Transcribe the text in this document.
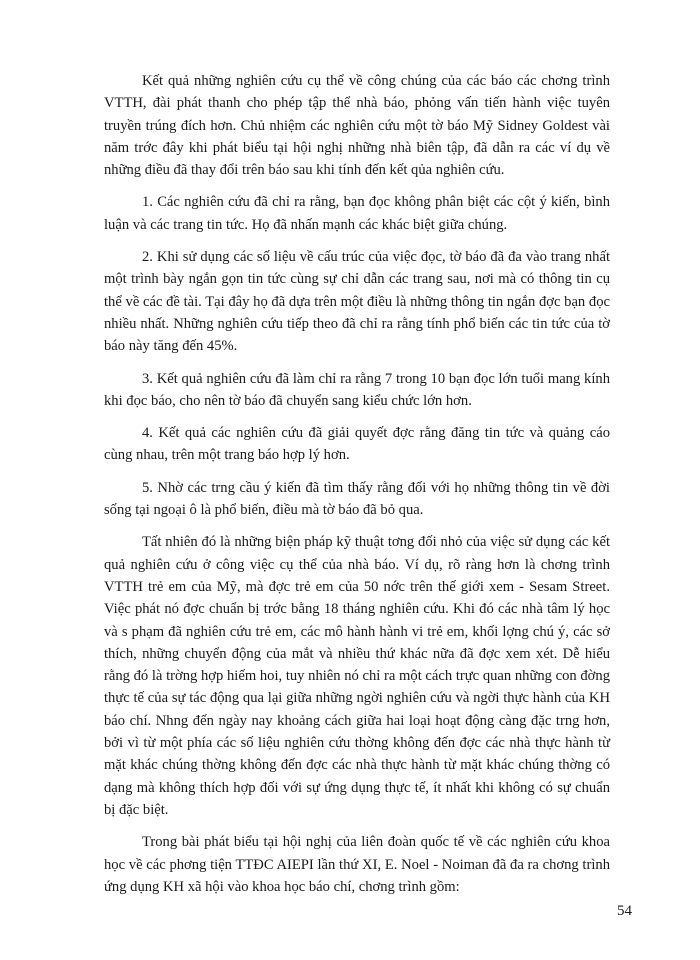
Kết quả những nghiên cứu cụ thể về công chúng của các báo các chơng trình VTTH, đài phát thanh cho phép tập thể nhà báo, phỏng vấn tiến hành việc tuyên truyền trúng đích hơn. Chủ nhiệm các nghiên cứu một tờ báo Mỹ Sidney Goldest vài năm trớc đây khi phát biểu tại hội nghị những nhà biên tập, đã dẫn ra các ví dụ về những điều đã thay đổi trên báo sau khi tính đến kết qủa nghiên cứu.

1. Các nghiên cứu đã chỉ ra rằng, bạn đọc không phân biệt các cột ý kiến, bình luận và các trang tin tức. Họ đã nhấn mạnh các khác biệt giữa chúng.

2. Khi sử dụng các số liệu về cấu trúc của việc đọc, tờ báo đã đa vào trang nhất một trình bày ngắn gọn tin tức cùng sự chỉ dẫn các trang sau, nơi mà có thông tin cụ thể về các đề tài. Tại đây họ đã dựa trên một điều là những thông tin ngắn đợc bạn đọc nhiều nhất. Những nghiên cứu tiếp theo đã chỉ ra rằng tính phổ biến các tin tức của tờ báo này tăng đến 45%.

3. Kết quả nghiên cứu đã làm chỉ ra rằng 7 trong 10 bạn đọc lớn tuổi mang kính khi đọc báo, cho nên tờ báo đã chuyển sang kiểu chức lớn hơn.

4. Kết quả các nghiên cứu đã giải quyết đợc rằng đăng tin tức và quảng cáo cùng nhau, trên một trang báo hợp lý hơn.

5. Nhờ các trng cầu ý kiến đã tìm thấy rằng đối với họ những thông tin về đời sống tại ngoại ô là phổ biến, điều mà tờ báo đã bỏ qua.

Tất nhiên đó là những biện pháp kỹ thuật tơng đối nhỏ của việc sử dụng các kết quả nghiên cứu ở công việc cụ thể của nhà báo. Ví dụ, rõ ràng hơn là chơng trình VTTH trẻ em của Mỹ, mà đợc trẻ em của 50 nớc trên thế giới xem - Sesam Street. Việc phát nó đợc chuẩn bị trớc bằng 18 tháng nghiên cứu. Khi đó các nhà tâm lý học và s phạm đã nghiên cứu trẻ em, các mô hành hành vi trẻ em, khối lợng chú ý, các sở thích, những chuyển động của mắt và nhiều thứ khác nữa đã đợc xem xét. Dễ hiểu rằng đó là trờng hợp hiếm hoi, tuy nhiên nó chỉ ra một cách trực quan những con đờng thực tế của sự tác động qua lại giữa những ngời nghiên cứu và ngời thực hành của KH báo chí. Nhng đến ngày nay khoảng cách giữa hai loại hoạt động càng đặc trng hơn, bởi vì từ một phía các số liệu nghiên cứu thờng không đến đợc các nhà thực hành từ mặt khác chúng thờng không đến đợc các nhà thực hành từ mặt khác chúng thờng có dạng mà không thích hợp đối với sự ứng dụng thực tế, ít nhất khi không có sự chuẩn bị đặc biệt.

Trong bài phát biểu tại hội nghị của liên đoàn quốc tế về các nghiên cứu khoa học về các phơng tiện TTĐC AIEPI lần thứ XI, E. Noel - Noiman đã đa ra chơng trình ứng dụng KH xã hội vào khoa học báo chí, chơng trình gồm:

54
